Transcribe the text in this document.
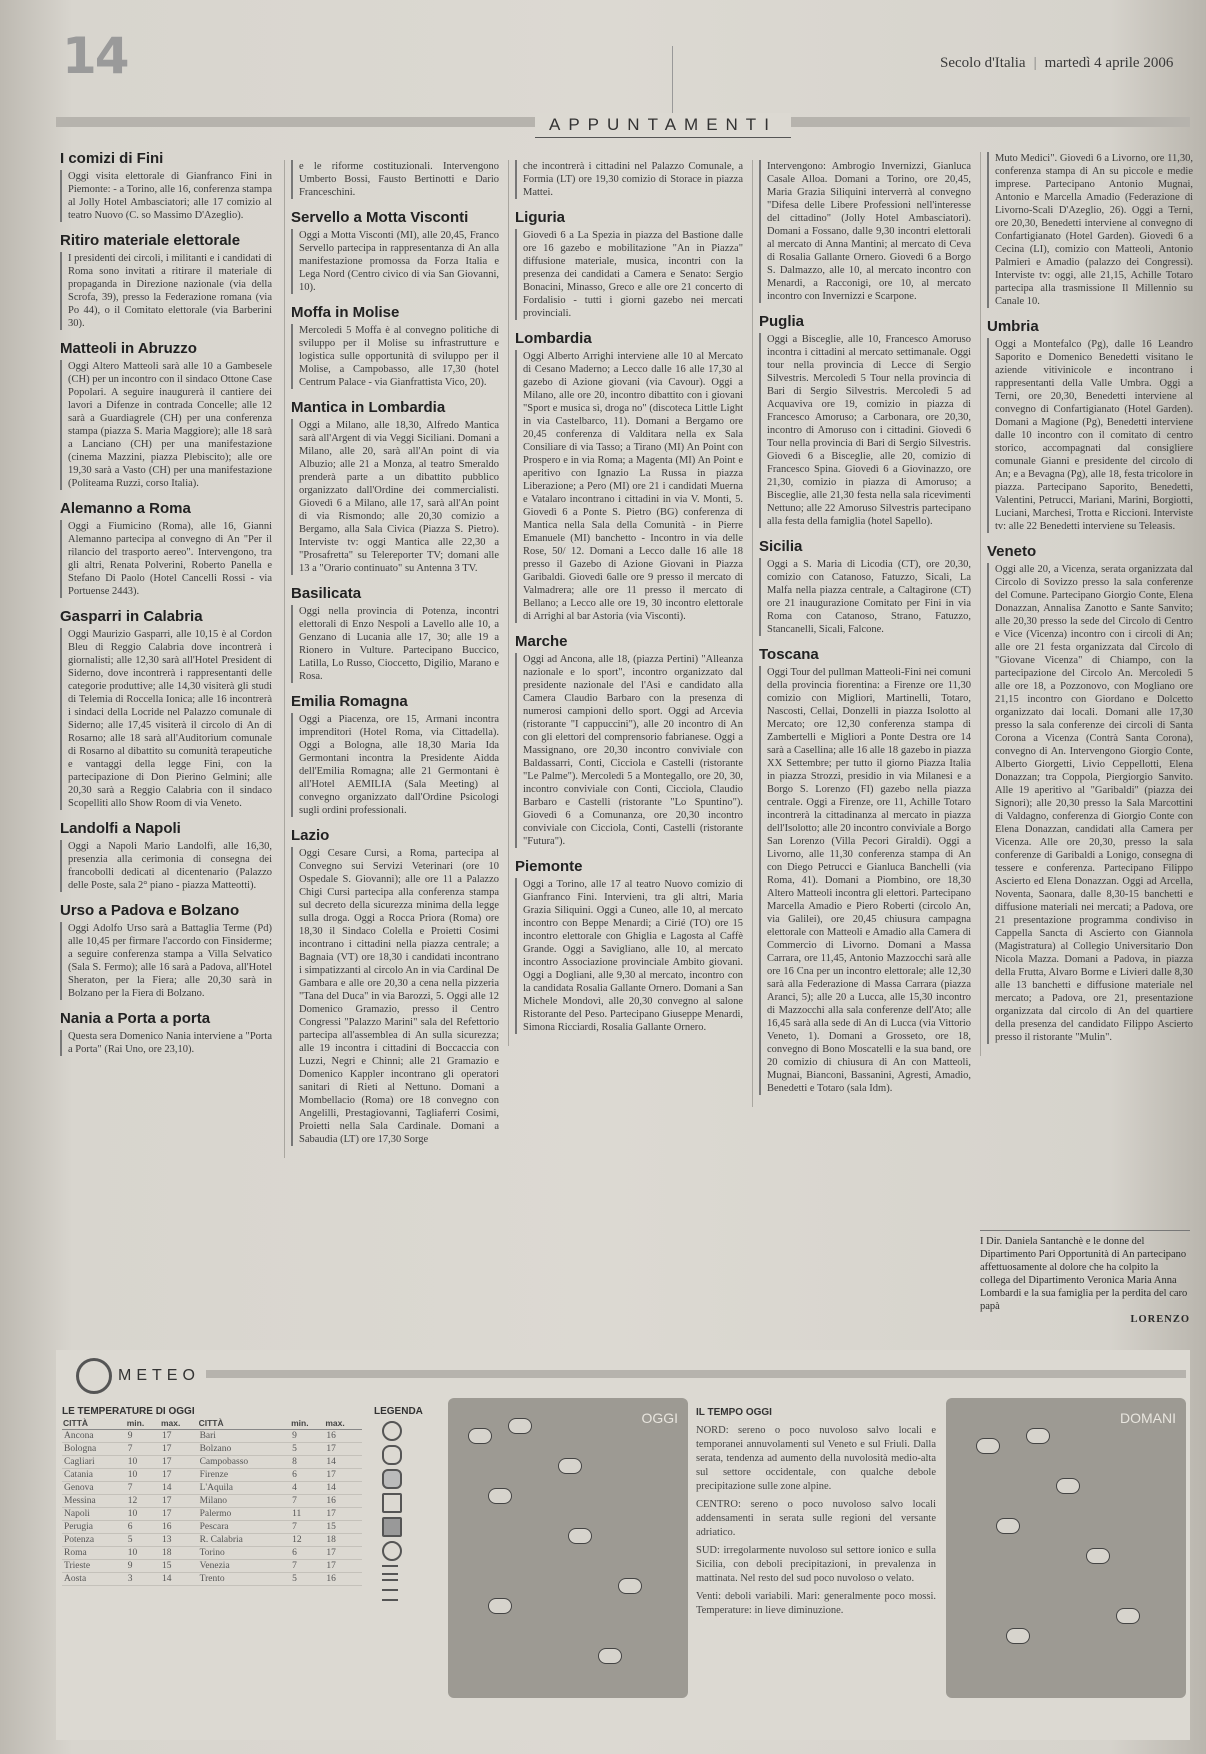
14	Secolo d'Italia | martedì 4 aprile 2006
APPUNTAMENTI
I comizi di Fini

Oggi visita elettorale di Gianfranco Fini in Piemonte: - a Torino, alle 16, conferenza stampa al Jolly Hotel Ambasciatori; alle 17 comizio al teatro Nuovo (C. so Massimo D'Azeglio).

Ritiro materiale elettorale

I presidenti dei circoli, i militanti e i candidati di Roma sono invitati a ritirare il materiale di propaganda in Direzione nazionale (via della Scrofa, 39), presso la Federazione romana (via Po 44), o il Comitato elettorale (via Barberini 30).

Matteoli in Abruzzo

Oggi Altero Matteoli sarà alle 10 a Gambesele (CH) per un incontro con il sindaco Ottone Case Popolari. A seguire inaugurerà il cantiere dei lavori a Difenze in contrada Concelle; alle 12 sarà a Guardiagrele (CH) per una conferenza stampa (piazza S. Maria Maggiore); alle 18 sarà a Lanciano (CH) per una manifestazione (cinema Mazzini, piazza Plebiscito); alle ore 19,30 sarà a Vasto (CH) per una manifestazione (Politeama Ruzzi, corso Italia).

Alemanno a Roma

Oggi a Fiumicino (Roma), alle 16, Gianni Alemanno partecipa al convegno di An "Per il rilancio del trasporto aereo". Intervengono, tra gli altri, Renata Polverini, Roberto Panella e Stefano Di Paolo (Hotel Cancelli Rossi - via Portuense 2443).

Gasparri in Calabria

Oggi Maurizio Gasparri, alle 10,15 è al Cordon Bleu di Reggio Calabria dove incontrerà i giornalisti; alle 12,30 sarà all'Hotel President di Siderno, dove incontrerà i rappresentanti delle categorie produttive; alle 14,30 visiterà gli studi di Telemia di Roccella Ionica; alle 16 incontrerà i sindaci della Locride nel Palazzo comunale di Siderno; alle 17,45 visiterà il circolo di An di Rosarno; alle 18 sarà all'Auditorium comunale di Rosarno al dibattito su comunità terapeutiche e vantaggi della legge Fini, con la partecipazione di Don Pierino Gelmini; alle 20,30 sarà a Reggio Calabria con il sindaco Scopelliti allo Show Room di via Veneto.

Landolfi a Napoli

Oggi a Napoli Mario Landolfi, alle 16,30, presenzia alla cerimonia di consegna dei francobolli dedicati al dicentenario (Palazzo delle Poste, sala 2° piano - piazza Matteotti).

Urso a Padova e Bolzano

Oggi Adolfo Urso sarà a Battaglia Terme (Pd) alle 10,45 per firmare l'accordo con Finsiderme; a seguire conferenza stampa a Villa Selvatico (Sala S. Fermo); alle 16 sarà a Padova, all'Hotel Sheraton, per la Fiera; alle 20,30 sarà in Bolzano per la Fiera di Bolzano.

Nania a Porta a porta

Questa sera Domenico Nania interviene a "Porta a Porta" (Rai Uno, ore 23,10).

e le riforme costituzionali. Intervengono Umberto Bossi, Fausto Bertinotti e Dario Franceschini.

Servello a Motta Visconti

Oggi a Motta Visconti (MI), alle 20,45, Franco Servello partecipa in rappresentanza di An alla manifestazione promossa da Forza Italia e Lega Nord (Centro civico di via San Giovanni, 10).

Moffa in Molise

Mercoledì 5 Moffa è al convegno politiche di sviluppo per il Molise su infrastrutture e logistica sulle opportunità di sviluppo per il Molise, a Campobasso, alle 17,30 (hotel Centrum Palace - via Gianfrattista Vico, 20).

Mantica in Lombardia

Oggi a Milano, alle 18,30, Alfredo Mantica sarà all'Argent di via Veggi Siciliani. Domani a Milano, alle 20, sarà all'An point di via Albuzio; alle 21 a Monza, al teatro Smeraldo prenderà parte a un dibattito pubblico organizzato dall'Ordine dei commercialisti. Giovedì 6 a Milano, alle 17, sarà all'An point di via Rismondo; alle 20,30 comizio a Bergamo, alla Sala Civica (Piazza S. Pietro). Interviste tv: oggi Mantica alle 22,30 a "Prosafretta" su Telereporter TV; domani alle 13 a "Orario continuato" su Antenna 3 TV.

Basilicata

Oggi nella provincia di Potenza, incontri elettorali di Enzo Nespoli a Lavello alle 10, a Genzano di Lucania alle 17, 30; alle 19 a Rionero in Vulture. Partecipano Buccico, Latilla, Lo Russo, Cioccetto, Digilio, Marano e Rosa.

Emilia Romagna

Oggi a Piacenza, ore 15, Armani incontra imprenditori (Hotel Roma, via Cittadella). Oggi a Bologna, alle 18,30 Maria Ida Germontani incontra la Presidente Aidda dell'Emilia Romagna; alle 21 Germontani è all'Hotel AEMILIA (Sala Meeting) al convegno organizzato dall'Ordine Psicologi sugli ordini professionali.

Lazio

Oggi Cesare Cursi, a Roma, partecipa al Convegno sui Servizi Veterinari (ore 10 Ospedale S. Giovanni); alle ore 11 a Palazzo Chigi Cursi partecipa alla conferenza stampa sul decreto della sicurezza minima della legge sulla droga. Oggi a Rocca Priora (Roma) ore 18,30 il Sindaco Colella e Proietti Cosimi incontrano i cittadini nella piazza centrale; a Bagnaia (VT) ore 18,30 i candidati incontrano i simpatizzanti al circolo An in via Cardinal De Gambara e alle ore 20,30 a cena nella pizzeria "Tana del Duca" in via Barozzi, 5. Oggi alle 12 Domenico Gramazio, presso il Centro Congressi "Palazzo Marini" sala del Refettorio partecipa all'assemblea di An sulla sicurezza; alle 19 incontra i cittadini di Boccaccia con Luzzi, Negri e Chinni; alle 21 Gramazio e Domenico Kappler incontrano gli operatori sanitari di Rieti al Nettuno. Domani a Mombellacio (Roma) ore 18 convegno con Angelilli, Prestagiovanni, Tagliaferri Cosimi, Proietti nella Sala Cardinale. Domani a Sabaudia (LT) ore 17,30 Sorge

che incontrerà i cittadini nel Palazzo Comunale, a Formia (LT) ore 19,30 comizio di Storace in piazza Mattei.

Liguria

Giovedì 6 a La Spezia in piazza del Bastione dalle ore 16 gazebo e mobilitazione "An in Piazza" diffusione materiale, musica, incontri con la presenza dei candidati a Camera e Senato: Sergio Bonacini, Minasso, Greco e alle ore 21 concerto di Fordalisio - tutti i giorni gazebo nei mercati provinciali.

Lombardia

Oggi Alberto Arrighi interviene alle 10 al Mercato di Cesano Maderno; a Lecco dalle 16 alle 17,30 al gazebo di Azione giovani (via Cavour). Oggi a Milano, alle ore 20, incontro dibattito con i giovani "Sport e musica sì, droga no" (discoteca Little Light in via Castelbarco, 11). Domani a Bergamo ore 20,45 conferenza di Valditara nella ex Sala Consiliare di via Tasso; a Tirano (MI) An Point con Prospero e in via Roma; a Magenta (MI) An Point e aperitivo con Ignazio La Russa in piazza Liberazione; a Pero (MI) ore 21 i candidati Muerna e Vatalaro incontrano i cittadini in via V. Monti, 5. Giovedì 6 a Ponte S. Pietro (BG) conferenza di Mantica nella Sala della Comunità - in Pierre Emanuele (MI) banchetto - Incontro in via delle Rose, 50/ 12. Domani a Lecco dalle 16 alle 18 presso il Gazebo di Azione Giovani in Piazza Garibaldi. Giovedì 6alle ore 9 presso il mercato di Valmadrera; alle ore 11 presso il mercato di Bellano; a Lecco alle ore 19, 30 incontro elettorale di Arrighi al bar Astoria (via Visconti).

Marche

Oggi ad Ancona, alle 18, (piazza Pertini) "Alleanza nazionale e lo sport", incontro organizzato dal presidente nazionale del l'Asi e candidato alla Camera Claudio Barbaro con la presenza di numerosi campioni dello sport. Oggi ad Arcevia (ristorante "I cappuccini"), alle 20 incontro di An con gli elettori del comprensorio fabrianese. Oggi a Massignano, ore 20,30 incontro conviviale con Baldassarri, Conti, Cicciola e Castelli (ristorante "Le Palme"). Mercoledì 5 a Montegallo, ore 20, 30, incontro conviviale con Conti, Cicciola, Claudio Barbaro e Castelli (ristorante "Lo Spuntino"). Giovedì 6 a Comunanza, ore 20,30 incontro conviviale con Cicciola, Conti, Castelli (ristorante "Futura").

Piemonte

Oggi a Torino, alle 17 al teatro Nuovo comizio di Gianfranco Fini. Intervieni, tra gli altri, Maria Grazia Siliquini. Oggi a Cuneo, alle 10, al mercato incontro con Beppe Menardi; a Cirié (TO) ore 15 incontro elettorale con Ghiglia e Lagosta al Caffè Grande. Oggi a Savigliano, alle 10, al mercato incontro Associazione provinciale Ambito giovani. Oggi a Dogliani, alle 9,30 al mercato, incontro con la candidata Rosalia Gallante Ornero. Domani a San Michele Mondovì, alle 20,30 convegno al salone Ristorante del Peso. Partecipano Giuseppe Menardi, Simona Ricciardi, Rosalia Gallante Ornero.

Intervengono: Ambrogio Invernizzi, Gianluca Casale Alloa. Domani a Torino, ore 20,45, Maria Grazia Siliquini interverrà al convegno "Difesa delle Libere Professioni nell'interesse del cittadino" (Jolly Hotel Ambasciatori). Domani a Fossano, dalle 9,30 incontri elettorali al mercato di Anna Mantini; al mercato di Ceva di Rosalia Gallante Ornero. Giovedì 6 a Borgo S. Dalmazzo, alle 10, al mercato incontro con Menardi, a Racconigi, ore 10, al mercato incontro con Invernizzi e Scarpone.

Puglia

Oggi a Bisceglie, alle 10, Francesco Amoruso incontra i cittadini al mercato settimanale. Oggi tour nella provincia di Lecce di Sergio Silvestris. Mercoledì 5 Tour nella provincia di Bari di Sergio Silvestris. Mercoledì 5 ad Acquaviva ore 19, comizio in piazza di Francesco Amoruso; a Carbonara, ore 20,30, incontro di Amoruso con i cittadini. Giovedì 6 Tour nella provincia di Bari di Sergio Silvestris. Giovedì 6 a Bisceglie, alle 20, comizio di Francesco Spina. Giovedì 6 a Giovinazzo, ore 21,30, comizio in piazza di Amoruso; a Bisceglie, alle 21,30 festa nella sala ricevimenti Nettuno; alle 22 Amoruso Silvestris partecipano alla festa della famiglia (hotel Sapello).

Sicilia

Oggi a S. Maria di Licodia (CT), ore 20,30, comizio con Catanoso, Fatuzzo, Sicali, La Malfa nella piazza centrale, a Caltagirone (CT) ore 21 inaugurazione Comitato per Fini in via Roma con Catanoso, Strano, Fatuzzo, Stancanelli, Sicali, Falcone.

Toscana

Oggi Tour del pullman Matteoli-Fini nei comuni della provincia fiorentina: a Firenze ore 11,30 comizio con Migliori, Martinelli, Totaro, Nascosti, Cellai, Donzelli in piazza Isolotto al Mercato; ore 12,30 conferenza stampa di Zambertelli e Migliori a Ponte Destra ore 14 sarà a Casellina; alle 16 alle 18 gazebo in piazza XX Settembre; per tutto il giorno Piazza Italia in piazza Strozzi, presidio in via Milanesi e a Borgo S. Lorenzo (FI) gazebo nella piazza centrale. Oggi a Firenze, ore 11, Achille Totaro incontrerà la cittadinanza al mercato in piazza dell'Isolotto; alle 20 incontro conviviale a Borgo San Lorenzo (Villa Pecori Giraldi). Oggi a Livorno, alle 11,30 conferenza stampa di An con Diego Petrucci e Gianluca Banchelli (via Roma, 41). Domani a Piombino, ore 18,30 Altero Matteoli incontra gli elettori. Partecipano Marcella Amadio e Piero Roberti (circolo An, via Galilei), ore 20,45 chiusura campagna elettorale con Matteoli e Amadio alla Camera di Commercio di Livorno. Domani a Massa Carrara, ore 11,45, Antonio Mazzocchi sarà alle ore 16 Cna per un incontro elettorale; alle 12,30 sarà alla Federazione di Massa Carrara (piazza Aranci, 5); alle 20 a Lucca, alle 15,30 incontro di Mazzocchi alla sala conferenze dell'Ato; alle 16,45 sarà alla sede di An di Lucca (via Vittorio Veneto, 1). Domani a Grosseto, ore 18, convegno di Bono Moscatelli e la sua band, ore 20 comizio di chiusura di An con Matteoli, Mugnai, Bianconi, Bassanini, Agresti, Amadio, Benedetti e Totaro (sala Idm).

Muto Medici". Giovedì 6 a Livorno, ore 11,30, conferenza stampa di An su piccole e medie imprese. Partecipano Antonio Mugnai, Antonio e Marcella Amadio (Federazione di Livorno-Scali D'Azeglio, 26). Oggi a Terni, ore 20,30, Benedetti interviene al convegno di Confartigianato (Hotel Garden). Giovedì 6 a Cecina (LI), comizio con Matteoli, Antonio Palmieri e Amadio (palazzo dei Congressi). Interviste tv: oggi, alle 21,15, Achille Totaro partecipa alla trasmissione Il Millennio su Canale 10.

Umbria

Oggi a Montefalco (Pg), dalle 16 Leandro Saporito e Domenico Benedetti visitano le aziende vitivinicole e incontrano i rappresentanti della Valle Umbra. Oggi a Terni, ore 20,30, Benedetti interviene al convegno di Confartigianato (Hotel Garden). Domani a Magione (Pg), Benedetti interviene dalle 10 incontro con il comitato di centro storico, accompagnati dal consigliere comunale Gianni e presidente del circolo di An; e a Bevagna (Pg), alle 18, festa tricolore in piazza. Partecipano Saporito, Benedetti, Valentini, Petrucci, Mariani, Marini, Borgiotti, Luciani, Marchesi, Trotta e Riccioni. Interviste tv: alle 22 Benedetti interviene su Teleasis.

Veneto

Oggi alle 20, a Vicenza, serata organizzata dal Circolo di Sovizzo presso la sala conferenze del Comune. Partecipano Giorgio Conte, Elena Donazzan, Annalisa Zanotto e Sante Sanvito; alle 20,30 presso la sede del Circolo di Centro e Vice (Vicenza) incontro con i circoli di An; alle ore 21 festa organizzata dal Circolo di "Giovane Vicenza" di Chiampo, con la partecipazione del Circolo An. Mercoledì 5 alle ore 18, a Pozzonovo, con Mogliano ore 21,15 incontro con Giordano e Dolcetto organizzato dai locali. Domani alle 17,30 presso la sala conferenze dei circoli di Santa Corona a Vicenza (Contrà Santa Corona), convegno di An. Intervengono Giorgio Conte, Alberto Giorgetti, Livio Ceppellotti, Elena Donazzan; tra Coppola, Piergiorgio Sanvito. Alle 19 aperitivo al "Garibaldi" (piazza dei Signori); alle 20,30 presso la Sala Marcottini di Valdagno, conferenza di Giorgio Conte con Elena Donazzan, candidati alla Camera per Vicenza. Alle ore 20,30, presso la sala conferenze di Garibaldi a Lonigo, consegna di tessere e conferenza. Partecipano Filippo Ascierto ed Elena Donazzan. Oggi ad Arcella, Noventa, Saonara, dalle 8,30-15 banchetti e diffusione materiali nei mercati; a Padova, ore 21 presentazione programma condiviso in Cappella Sancta di Ascierto con Giannola (Magistratura) al Collegio Universitario Don Nicola Mazza. Domani a Padova, in piazza della Frutta, Alvaro Borme e Livieri dalle 8,30 alle 13 banchetti e diffusione materiale nel mercato; a Padova, ore 21, presentazione organizzata dal circolo di An del quartiere della presenza del candidato Filippo Ascierto presso il ristorante "Mulin".

I Dir. Daniela Santanchè e le donne del Dipartimento Pari Opportunità di An partecipano affettuosamente al dolore che ha colpito la collega del Dipartimento Veronica Maria Anna Lombardi e la sua famiglia per la perdita del caro papà
LORENZO
METEO
LE TEMPERATURE DI OGGI
CITTÀ	min.	max.	CITTÀ	min.	max.
Ancona	9	17	Bari	9	16
Bologna	7	17	Bolzano	5	17
Cagliari	10	17	Campobasso	8	14
Catania	10	17	Firenze	6	17
Genova	7	14	L'Aquila	4	14
Messina	12	17	Milano	7	16
Napoli	10	17	Palermo	11	17
Perugia	6	16	Pescara	7	15
Potenza	5	13	R. Calabria	12	18
Roma	10	18	Torino	6	17
Trieste	9	15	Venezia	7	17
Aosta	3	14	Trento	5	16
LEGENDA	OGGI IL TEMPO OGGI

NORD: sereno o poco nuvoloso salvo locali e temporanei annuvolamenti sul Veneto e sul Friuli. Dalla serata, tendenza ad aumento della nuvolosità medio-alta sul settore occidentale, con qualche debole precipitazione sulle zone alpine.

CENTRO: sereno o poco nuvoloso salvo locali addensamenti in serata sulle regioni del versante adriatico.

SUD: irregolarmente nuvoloso sul settore ionico e sulla Sicilia, con deboli precipitazioni, in prevalenza in mattinata. Nel resto del sud poco nuvoloso o velato.

Venti: deboli variabili. Mari: generalmente poco mossi. Temperature: in lieve diminuzione.

DOMANI
